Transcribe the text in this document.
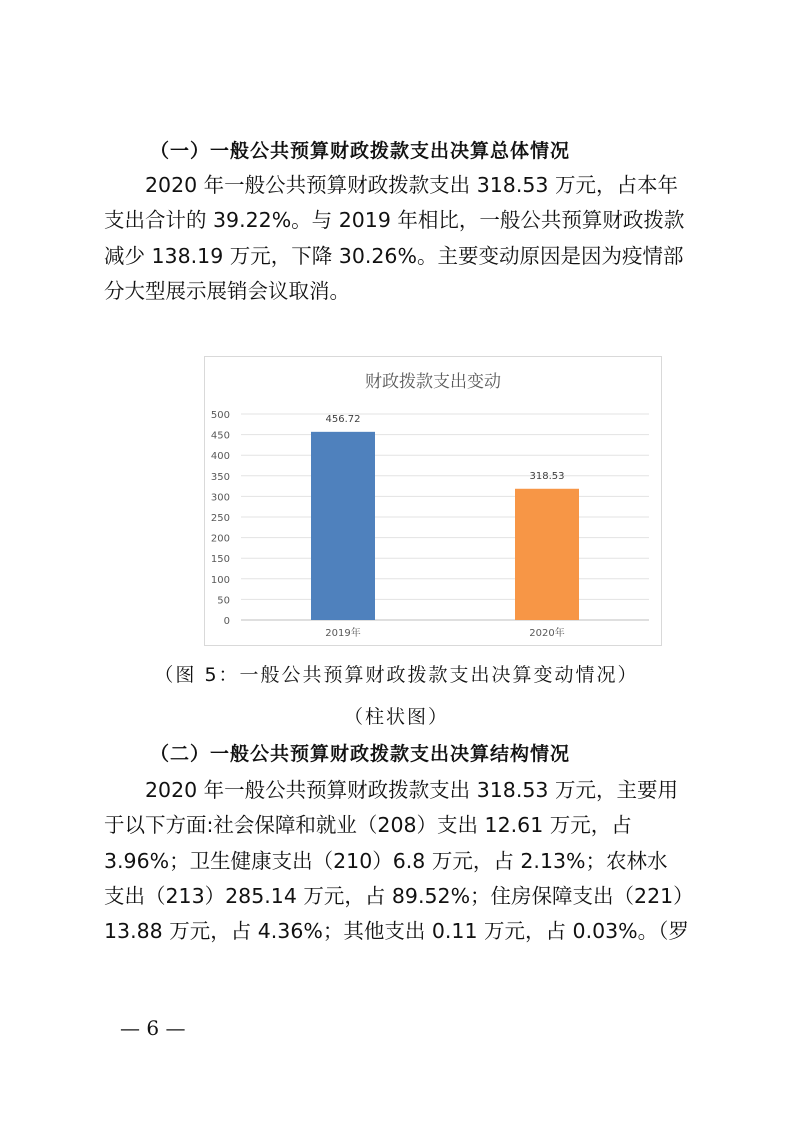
（一）一般公共预算财政拨款支出决算总体情况
2020 年一般公共预算财政拨款支出 318.53 万元，占本年
支出合计的 39.22%。与 2019 年相比，一般公共预算财政拨款
减少 138.19 万元，下降 30.26%。主要变动原因是因为疫情部
分大型展示展销会议取消。
财政拨款支出变动
0
50
100
150
200
250
300
350
400
450
500	456.72
2019年
318.53
2020年
（图 5：一般公共预算财政拨款支出决算变动情况）
（柱状图）
（二）一般公共预算财政拨款支出决算结构情况
2020 年一般公共预算财政拨款支出 318.53 万元，主要用
于以下方面:社会保障和就业（208）支出 12.61 万元，占
3.96%；卫生健康支出（210）6.8 万元，占 2.13%；农林水
支出（213）285.14 万元，占 89.52%；住房保障支出（221）
13.88 万元，占 4.36%；其他支出 0.11 万元，占 0.03%。（罗
— 6 —
